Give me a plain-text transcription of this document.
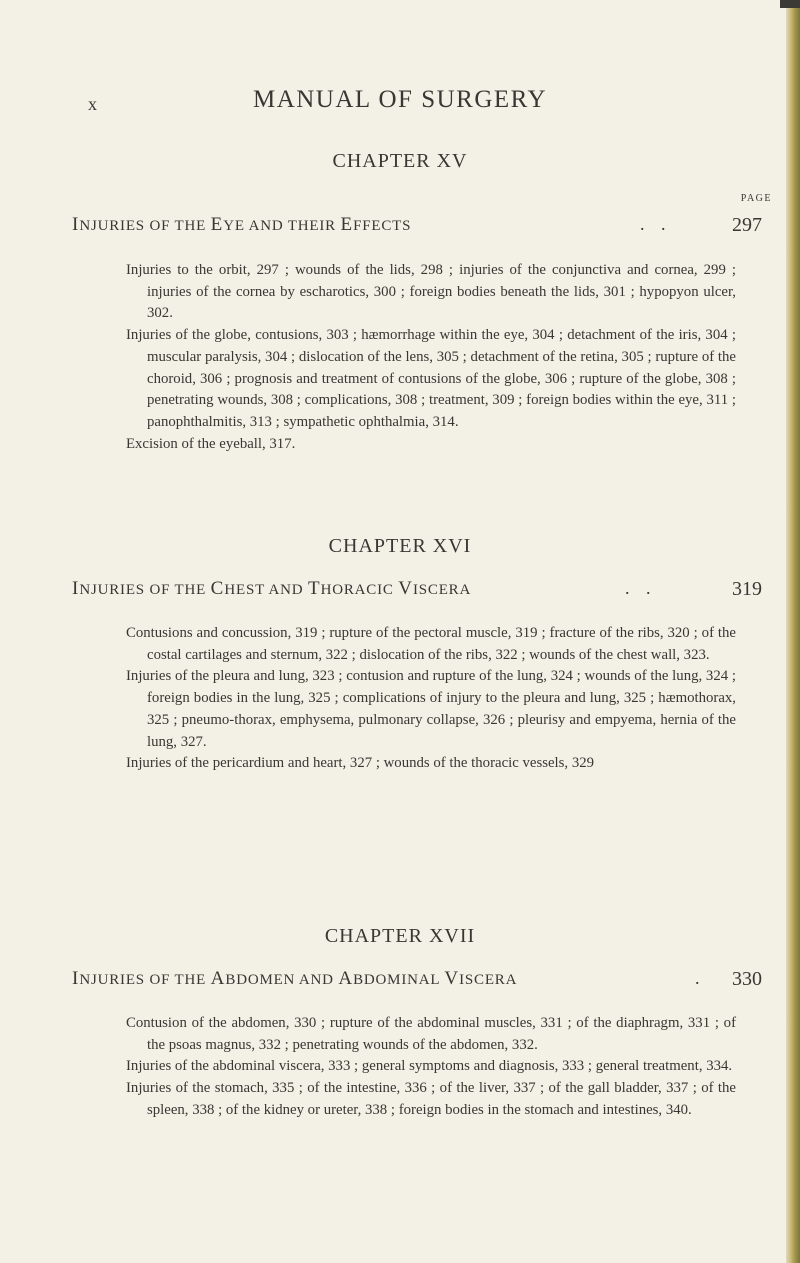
x	MANUAL OF SURGERY
CHAPTER XV
PAGE
INJURIES OF THE EYE AND THEIR EFFECTS	. .	297
Injuries to the orbit, 297 ; wounds of the lids, 298 ; injuries of the conjunctiva and cornea, 299 ; injuries of the cornea by escharotics, 300 ; foreign bodies beneath the lids, 301 ; hypopyon ulcer, 302.
Injuries of the globe, contusions, 303 ; hæmorrhage within the eye, 304 ; detachment of the iris, 304 ; muscular paralysis, 304 ; dislocation of the lens, 305 ; detachment of the retina, 305 ; rupture of the choroid, 306 ; prognosis and treatment of contusions of the globe, 306 ; rupture of the globe, 308 ; penetrating wounds, 308 ; complications, 308 ; treatment, 309 ; foreign bodies within the eye, 311 ; panophthalmitis, 313 ; sympathetic ophthalmia, 314.
Excision of the eyeball, 317.
CHAPTER XVI
INJURIES OF THE CHEST AND THORACIC VISCERA	. .	319
Contusions and concussion, 319 ; rupture of the pectoral muscle, 319 ; fracture of the ribs, 320 ; of the costal cartilages and sternum, 322 ; dislocation of the ribs, 322 ; wounds of the chest wall, 323.
Injuries of the pleura and lung, 323 ; contusion and rupture of the lung, 324 ; wounds of the lung, 324 ; foreign bodies in the lung, 325 ; complications of injury to the pleura and lung, 325 ; hæmothorax, 325 ; pneumo-thorax, emphysema, pulmonary collapse, 326 ; pleurisy and empyema, hernia of the lung, 327.
Injuries of the pericardium and heart, 327 ; wounds of the thoracic vessels, 329
CHAPTER XVII
INJURIES OF THE ABDOMEN AND ABDOMINAL VISCERA	. 330
Contusion of the abdomen, 330 ; rupture of the abdominal muscles, 331 ; of the diaphragm, 331 ; of the psoas magnus, 332 ; penetrating wounds of the abdomen, 332.
Injuries of the abdominal viscera, 333 ; general symptoms and diagnosis, 333 ; general treatment, 334.
Injuries of the stomach, 335 ; of the intestine, 336 ; of the liver, 337 ; of the gall bladder, 337 ; of the spleen, 338 ; of the kidney or ureter, 338 ; foreign bodies in the stomach and intestines, 340.
